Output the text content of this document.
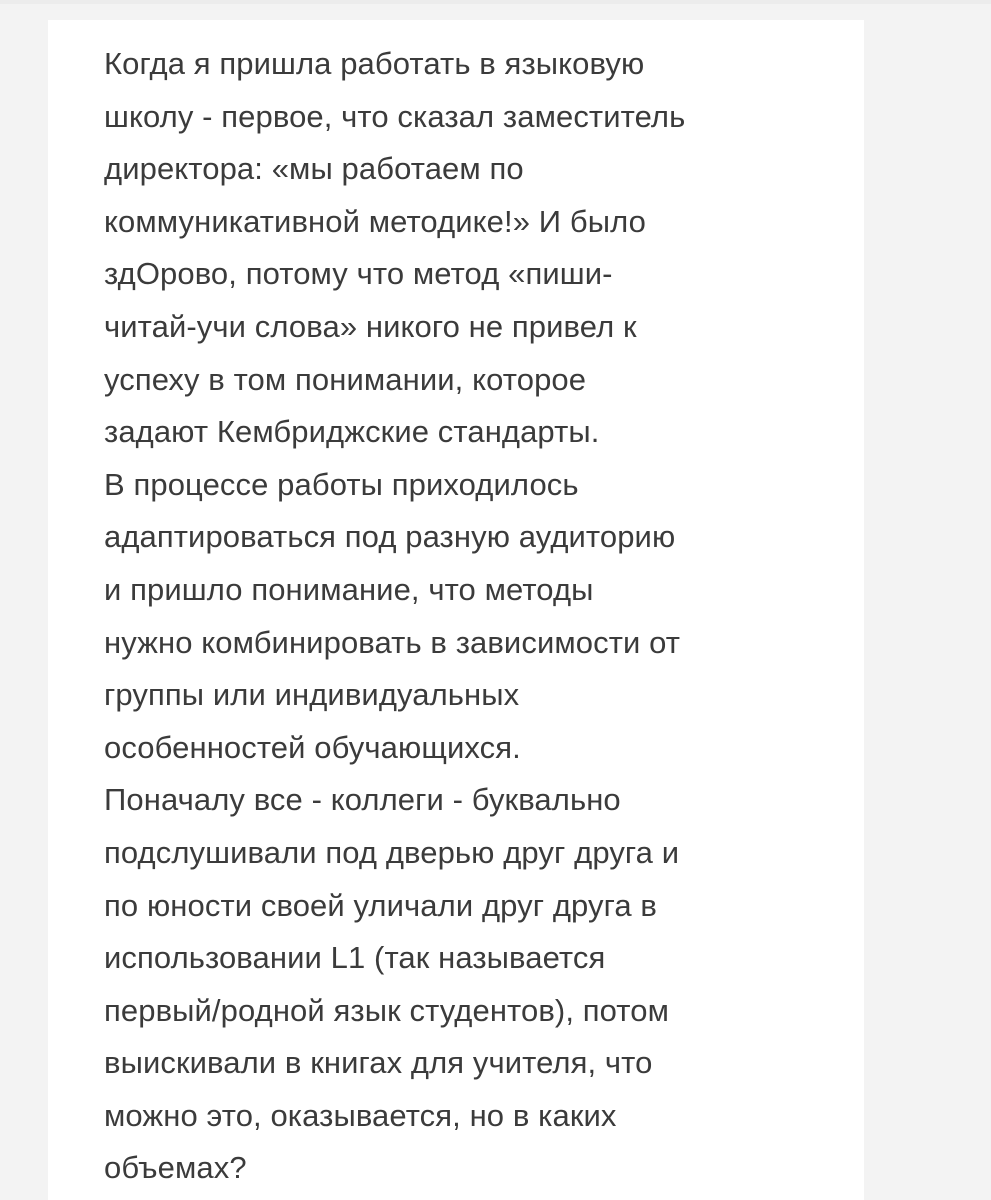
Когда я пришла работать в языковую
школу - первое, что сказал заместитель
директора: «мы работаем по
коммуникативной методике!» И было
здОрово, потому что метод «пиши-
читай-учи слова» никого не привел к
успеху в том понимании, которое
задают Кембриджские стандарты.
В процессе работы приходилось
адаптироваться под разную аудиторию
и пришло понимание, что методы
нужно комбинировать в зависимости от
группы или индивидуальных
особенностей обучающихся.
Поначалу все - коллеги - буквально
подслушивали под дверью друг друга и
по юности своей уличали друг друга в
использовании L1 (так называется
первый/родной язык студентов), потом
выискивали в книгах для учителя, что
можно это, оказывается, но в каких
объемах?
